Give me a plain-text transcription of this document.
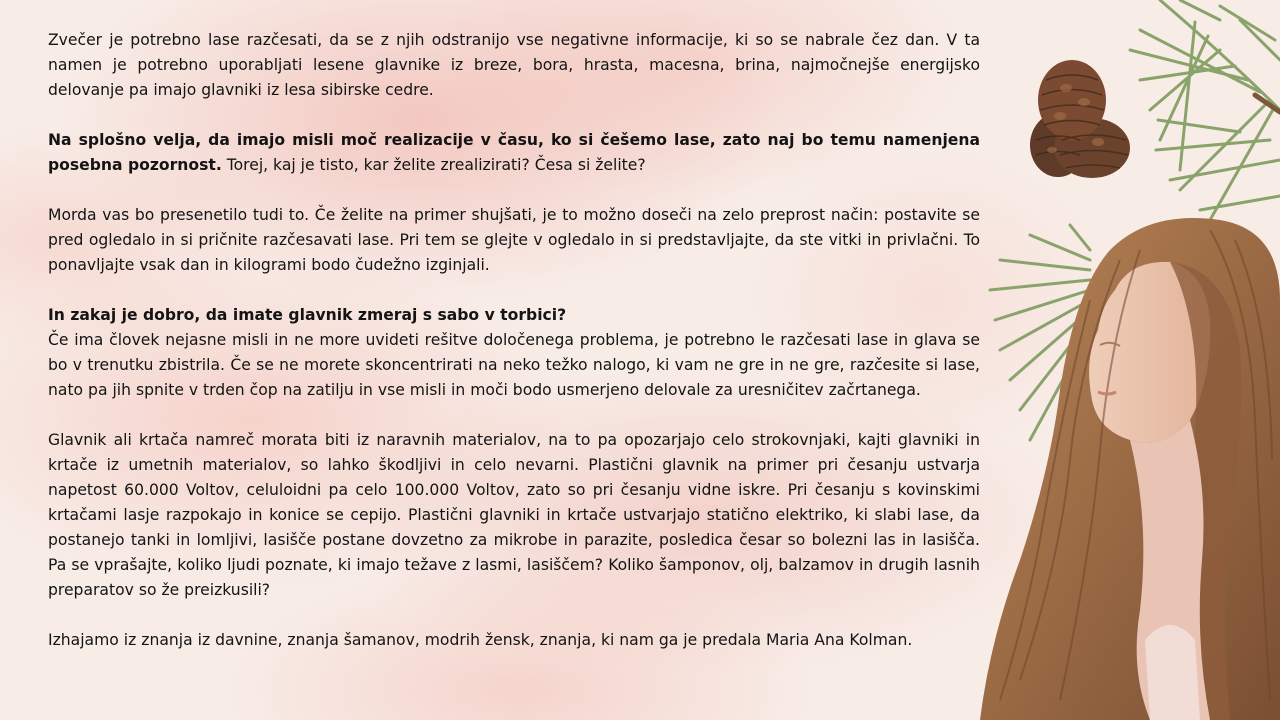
Zvečer je potrebno lase razčesati, da se z njih odstranijo vse negativne informacije, ki so se nabrale čez dan. V ta namen je potrebno uporabljati lesene glavnike iz breze, bora, hrasta, macesna, brina, najmočnejše energijsko delovanje pa imajo glavniki iz lesa sibirske cedre.

Na splošno velja, da imajo misli moč realizacije v času, ko si češemo lase, zato naj bo temu namenjena posebna pozornost. Torej, kaj je tisto, kar želite zrealizirati? Česa si želite?

Morda vas bo presenetilo tudi to. Če želite na primer shujšati, je to možno doseči na zelo preprost način: postavite se pred ogledalo in si pričnite razčesavati lase. Pri tem se glejte v ogledalo in si predstavljajte, da ste vitki in privlačni. To ponavljajte vsak dan in kilogrami bodo čudežno izginjali.

In zakaj je dobro, da imate glavnik zmeraj s sabo v torbici?

Če ima človek nejasne misli in ne more uvideti rešitve določenega problema, je potrebno le razčesati lase in glava se bo v trenutku zbistrila. Če se ne morete skoncentrirati na neko težko nalogo, ki vam ne gre in ne gre, razčesite si lase, nato pa jih spnite v trden čop na zatilju in vse misli in moči bodo usmerjeno delovale za uresničitev začrtanega.

Glavnik ali krtača namreč morata biti iz naravnih materialov, na to pa opozarjajo celo strokovnjaki, kajti glavniki in krtače iz umetnih materialov, so lahko škodljivi in celo nevarni. Plastični glavnik na primer pri česanju ustvarja napetost 60.000 Voltov, celuloidni pa celo 100.000 Voltov, zato so pri česanju vidne iskre. Pri česanju s kovinskimi krtačami lasje razpokajo in konice se cepijo. Plastični glavniki in krtače ustvarjajo statično elektriko, ki slabi lase, da postanejo tanki in lomljivi, lasišče postane dovzetno za mikrobe in parazite, posledica česar so bolezni las in lasišča. Pa se vprašajte, koliko ljudi poznate, ki imajo težave z lasmi, lasiščem? Koliko šamponov, olj, balzamov in drugih lasnih preparatov so že preizkusili?

Izhajamo iz znanja iz davnine, znanja šamanov, modrih žensk, znanja, ki nam ga je predala Maria Ana Kolman.
